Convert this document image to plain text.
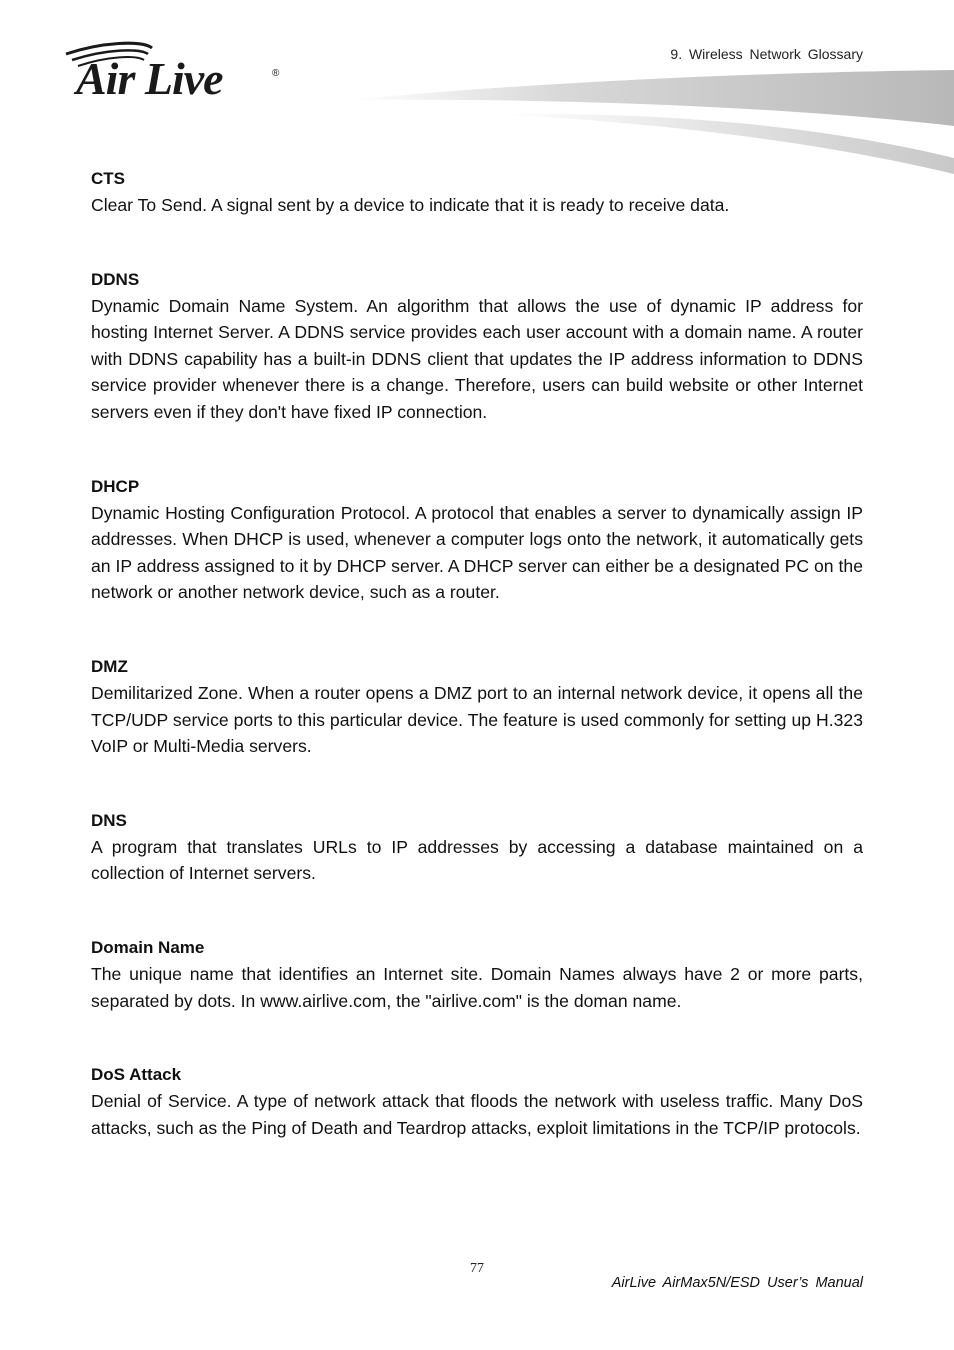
Air Live	®
9. Wireless Network Glossary

CTS

Clear To Send. A signal sent by a device to indicate that it is ready to receive data.

DDNS

Dynamic Domain Name System. An algorithm that allows the use of dynamic IP address for hosting Internet Server. A DDNS service provides each user account with a domain name. A router with DDNS capability has a built-in DDNS client that updates the IP address information to DDNS service provider whenever there is a change. Therefore, users can build website or other Internet servers even if they don't have fixed IP connection.

DHCP

Dynamic Hosting Configuration Protocol. A protocol that enables a server to dynamically assign IP addresses. When DHCP is used, whenever a computer logs onto the network, it automatically gets an IP address assigned to it by DHCP server. A DHCP server can either be a designated PC on the network or another network device, such as a router.

DMZ

Demilitarized Zone. When a router opens a DMZ port to an internal network device, it opens all the TCP/UDP service ports to this particular device. The feature is used commonly for setting up H.323 VoIP or Multi-Media servers.

DNS

A program that translates URLs to IP addresses by accessing a database maintained on a collection of Internet servers.

Domain Name

The unique name that identifies an Internet site. Domain Names always have 2 or more parts, separated by dots. In www.airlive.com, the "airlive.com" is the doman name.

DoS Attack

Denial of Service. A type of network attack that floods the network with useless traffic. Many DoS attacks, such as the Ping of Death and Teardrop attacks, exploit limitations in the TCP/IP protocols.

77
AirLive AirMax5N/ESD User’s Manual
